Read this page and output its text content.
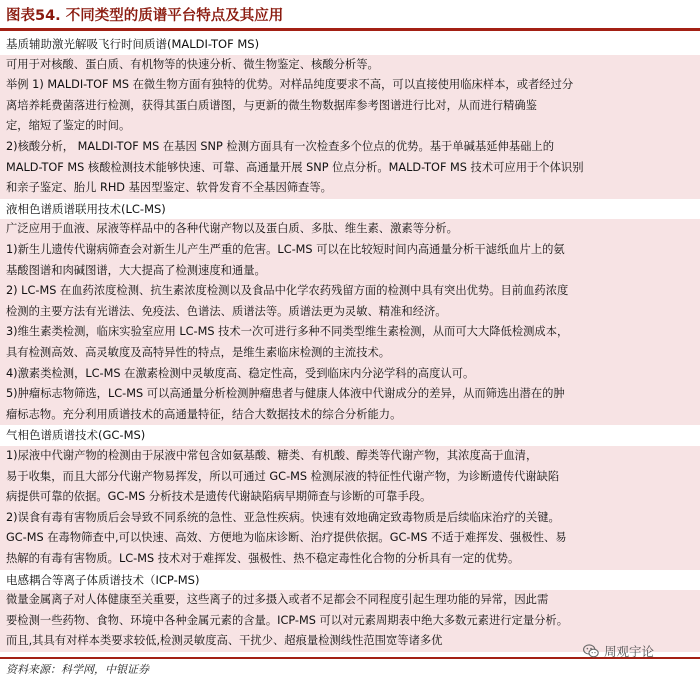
图表54. 不同类型的质谱平台特点及其应用
基质辅助激光解吸飞行时间质谱(MALDI-TOF MS)
可用于对核酸、蛋白质、有机物等的快速分析、微生物鉴定、核酸分析等。
举例 1) MALDI-TOF MS 在微生物方面有独特的优势。对样品纯度要求不高，可以直接使用临床样本，或者经过分
离培养耗费菌落进行检测，获得其蛋白质谱图，与更新的微生物数据库参考图谱进行比对，从而进行精确鉴
定，缩短了鉴定的时间。
2)核酸分析， MALDI-TOF MS 在基因 SNP 检测方面具有一次检查多个位点的优势。基于单碱基延伸基础上的
MALD-TOF MS 核酸检测技术能够快速、可靠、高通量开展 SNP 位点分析。MALD-TOF MS 技术可应用于个体识别
和亲子鉴定、胎儿 RHD 基因型鉴定、软骨发育不全基因筛查等。
液相色谱质谱联用技术(LC-MS)
广泛应用于血液、尿液等样品中的各种代谢产物以及蛋白质、多肽、维生素、激素等分析。
1)新生儿遗传代谢病筛查会对新生儿产生严重的危害。LC-MS 可以在比较短时间内高通量分析干滤纸血片上的氨
基酸图谱和肉碱图谱，大大提高了检测速度和通量。
2) LC-MS 在血药浓度检测、抗生素浓度检测以及食品中化学农药残留方面的检测中具有突出优势。目前血药浓度
检测的主要方法有光谱法、免疫法、色谱法、质谱法等。质谱法更为灵敏、精准和经济。
3)维生素类检测，临床实验室应用 LC-MS 技术一次可进行多种不同类型维生素检测，从而可大大降低检测成本，
具有检测高效、高灵敏度及高特异性的特点，是维生素临床检测的主流技术。
4)激素类检测，LC-MS 在激素检测中灵敏度高、稳定性高，受到临床内分泌学科的高度认可。
5)肿瘤标志物筛选，LC-MS 可以高通量分析检测肿瘤患者与健康人体液中代谢成分的差异，从而筛选出潜在的肿
瘤标志物。充分利用质谱技术的高通量特征，结合大数据技术的综合分析能力。
气相色谱质谱技术(GC-MS)
1)尿液中代谢产物的检测由于尿液中常包含如氨基酸、糖类、有机酸、醇类等代谢产物，其浓度高于血清，
易于收集，而且大部分代谢产物易挥发，所以可通过 GC-MS 检测尿液的特征性代谢产物，为诊断遗传代谢缺陷
病提供可靠的依据。GC-MS 分析技术是遗传代谢缺陷病早期筛查与诊断的可靠手段。
2)误食有毒有害物质后会导致不同系统的急性、亚急性疾病。快速有效地确定致毒物质是后续临床治疗的关键。
GC-MS 在毒物筛查中,可以快速、高效、方便地为临床诊断、治疗提供依据。GC-MS 不适于难挥发、强极性、易
热解的有毒有害物质。LC-MS 技术对于难挥发、强极性、热不稳定毒性化合物的分析具有一定的优势。
电感耦合等离子体质谱技术（ICP-MS)
微量金属离子对人体健康至关重要，这些离子的过多摄入或者不足都会不同程度引起生理功能的异常，因此需
要检测一些药物、食物、环境中各种金属元素的含量。ICP-MS 可以对元素周期表中绝大多数元素进行定量分析。
而且,其具有对样本类要求较低,检测灵敏度高、干扰少、超痕量检测线性范围宽等诸多优
资料来源：科学网，中银证券
周观宇论
